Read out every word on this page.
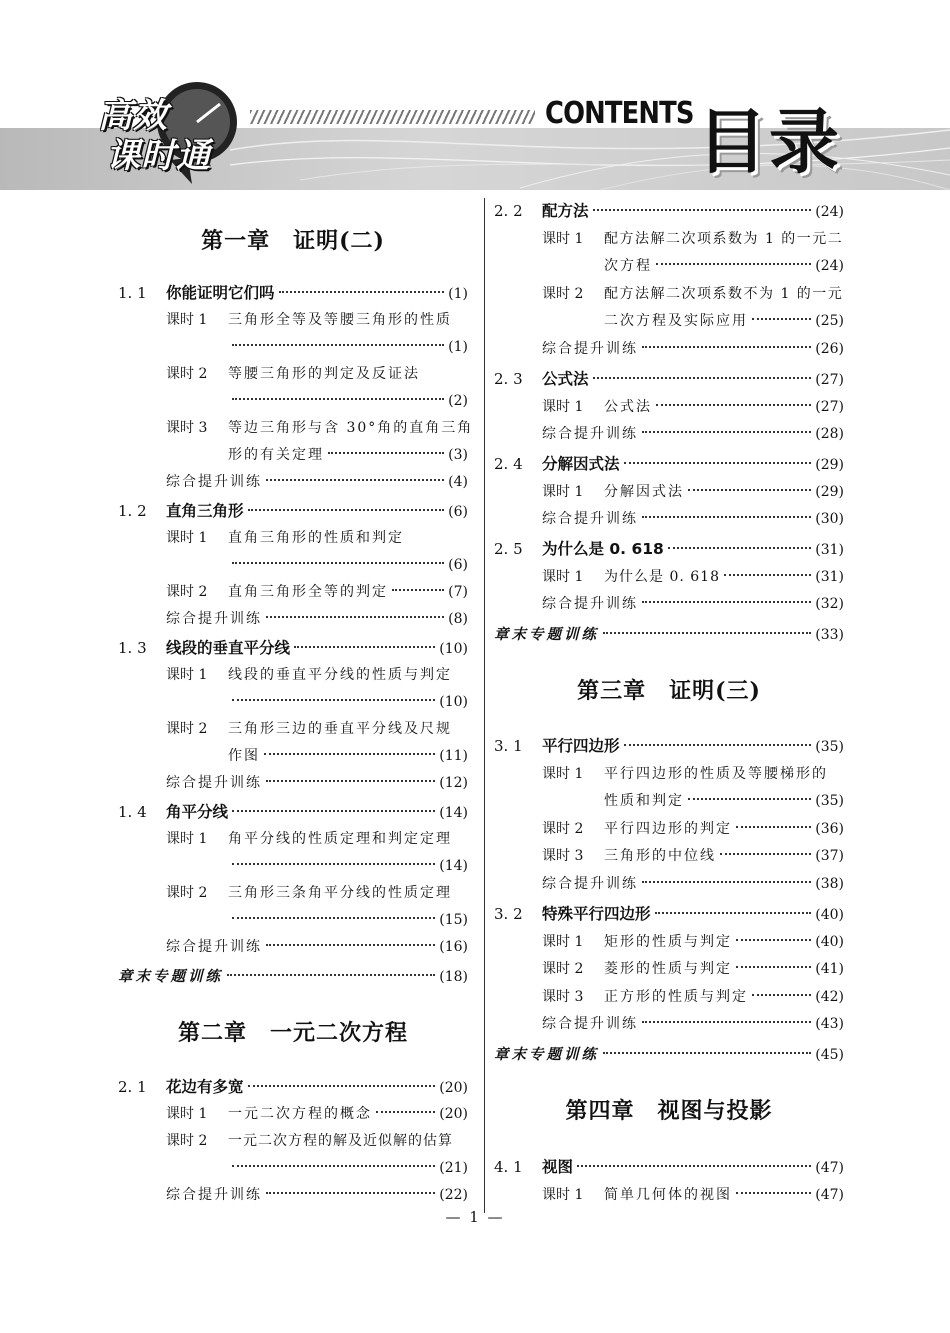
高效
课时通
CONTENTS 目录
第一章　证明(二)
1. 1	你能证明它们吗	(1)
课时 1	三角形全等及等腰三角形的性质
(1)
课时 2	等腰三角形的判定及反证法
(2)
课时 3	等边三角形与含 30°角的直角三角
形的有关定理	(3)
综合提升训练	(4)
1. 2	直角三角形	(6)
课时 1	直角三角形的性质和判定
(6)
课时 2	直角三角形全等的判定	(7)
综合提升训练	(8)
1. 3	线段的垂直平分线	(10)
课时 1	线段的垂直平分线的性质与判定
(10)
课时 2	三角形三边的垂直平分线及尺规
作图	(11)
综合提升训练	(12)
1. 4	角平分线	(14)
课时 1	角平分线的性质定理和判定定理
(14)
课时 2	三角形三条角平分线的性质定理
(15)
综合提升训练	(16)
章末专题训练	(18)
第二章　一元二次方程
2. 1	花边有多宽	(20)
课时 1	一元二次方程的概念	(20)
课时 2	一元二次方程的解及近似解的估算
(21)
综合提升训练	(22)
2. 2	配方法	(24)
课时 1	配方法解二次项系数为 1 的一元二
次方程	(24)
课时 2	配方法解二次项系数不为 1 的一元
二次方程及实际应用	(25)
综合提升训练	(26)
2. 3	公式法	(27)
课时 1	公式法	(27)
综合提升训练	(28)
2. 4	分解因式法	(29)
课时 1	分解因式法	(29)
综合提升训练	(30)
2. 5	为什么是 0. 618	(31)
课时 1	为什么是 0. 618	(31)
综合提升训练	(32)
章末专题训练	(33)
第三章　证明(三)
3. 1	平行四边形	(35)
课时 1	平行四边形的性质及等腰梯形的
性质和判定	(35)
课时 2	平行四边形的判定	(36)
课时 3	三角形的中位线	(37)
综合提升训练	(38)
3. 2	特殊平行四边形	(40)
课时 1	矩形的性质与判定	(40)
课时 2	菱形的性质与判定	(41)
课时 3	正方形的性质与判定	(42)
综合提升训练	(43)
章末专题训练	(45)
第四章　视图与投影
4. 1	视图	(47)
课时 1	简单几何体的视图	(47)
— 1 —
